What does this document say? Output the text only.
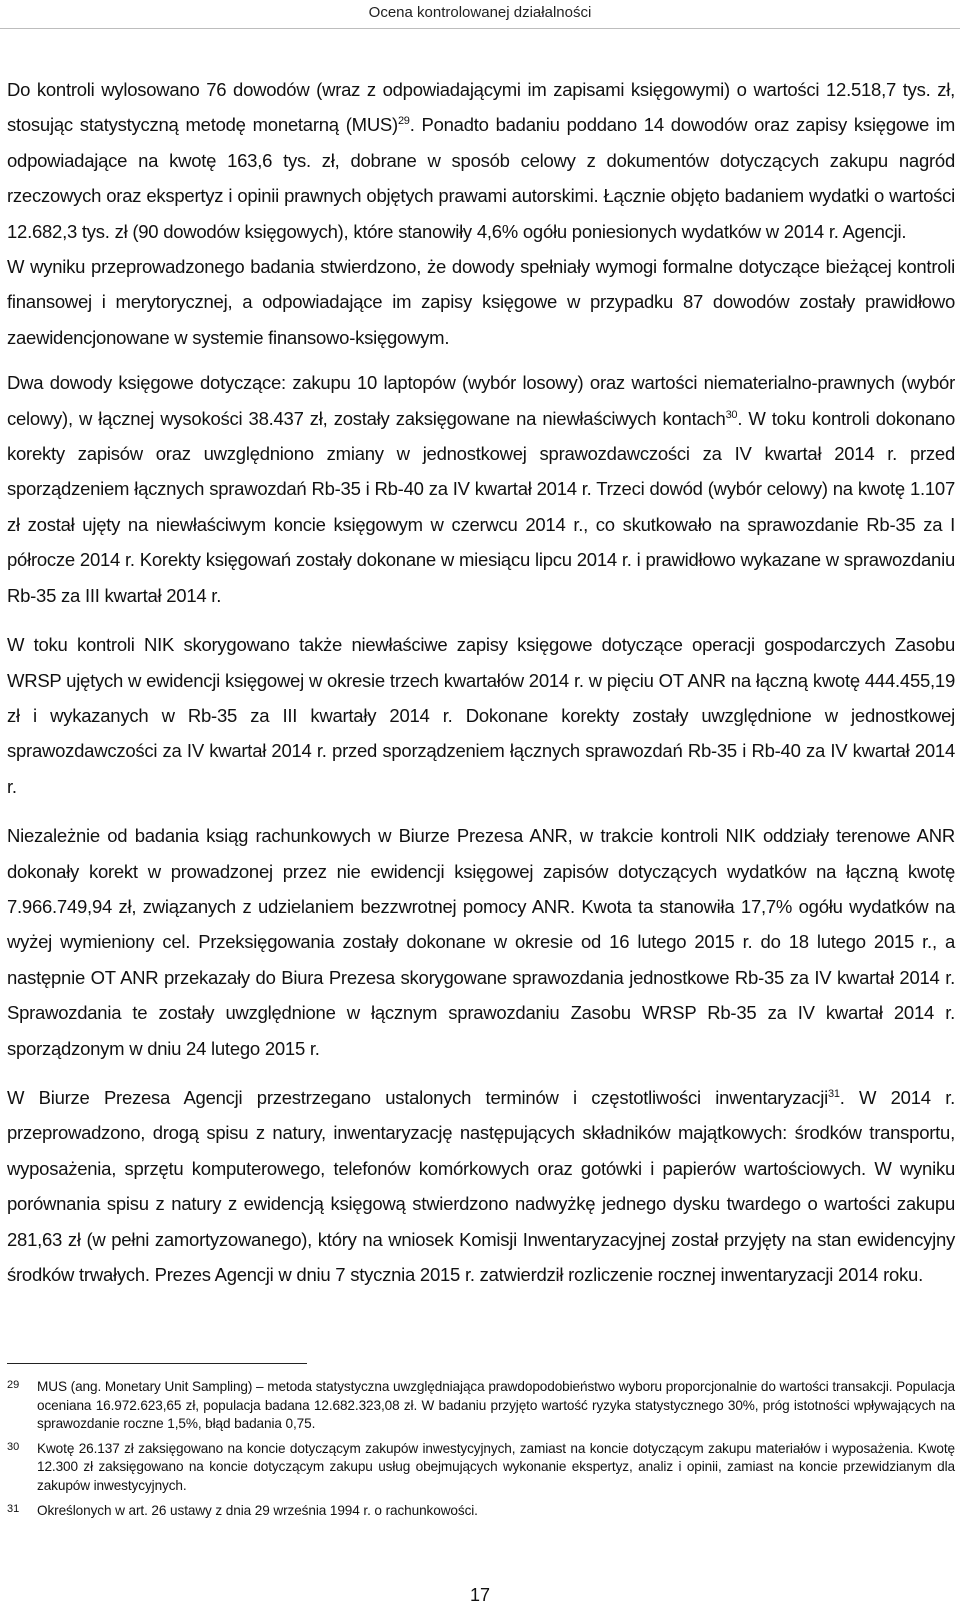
Ocena kontrolowanej działalności

Do kontroli wylosowano 76 dowodów (wraz z odpowiadającymi im zapisami księgowymi) o wartości 12.518,7 tys. zł, stosując statystyczną metodę monetarną (MUS)$^{29}$. Ponadto badaniu poddano 14 dowodów oraz zapisy księgowe im odpowiadające na kwotę 163,6 tys. zł, dobrane w sposób celowy z dokumentów dotyczących zakupu nagród rzeczowych oraz ekspertyz i opinii prawnych objętych prawami autorskimi. Łącznie objęto badaniem wydatki o wartości 12.682,3 tys. zł (90 dowodów księgowych), które stanowiły 4,6% ogółu poniesionych wydatków w 2014 r. Agencji.

W wyniku przeprowadzonego badania stwierdzono, że dowody spełniały wymogi formalne dotyczące bieżącej kontroli finansowej i merytorycznej, a odpowiadające im zapisy księgowe w przypadku 87 dowodów zostały prawidłowo zaewidencjonowane w systemie finansowo-księgowym.

Dwa dowody księgowe dotyczące: zakupu 10 laptopów (wybór losowy) oraz wartości niematerialno-prawnych (wybór celowy), w łącznej wysokości 38.437 zł, zostały zaksięgowane na niewłaściwych kontach$^{30}$. W toku kontroli dokonano korekty zapisów oraz uwzględniono zmiany w jednostkowej sprawozdawczości za IV kwartał 2014 r. przed sporządzeniem łącznych sprawozdań Rb-35 i Rb-40 za IV kwartał 2014 r. Trzeci dowód (wybór celowy) na kwotę 1.107 zł został ujęty na niewłaściwym koncie księgowym w czerwcu 2014 r., co skutkowało na sprawozdanie Rb-35 za I półrocze 2014 r. Korekty księgowań zostały dokonane w miesiącu lipcu 2014 r. i prawidłowo wykazane w sprawozdaniu Rb-35 za III kwartał 2014 r.

W toku kontroli NIK skorygowano także niewłaściwe zapisy księgowe dotyczące operacji gospodarczych Zasobu WRSP ujętych w ewidencji księgowej w okresie trzech kwartałów 2014 r. w pięciu OT ANR na łączną kwotę 444.455,19 zł i wykazanych w Rb-35 za III kwartały 2014 r. Dokonane korekty zostały uwzględnione w jednostkowej sprawozdawczości za IV kwartał 2014 r. przed sporządzeniem łącznych sprawozdań Rb-35 i Rb-40 za IV kwartał 2014 r.

Niezależnie od badania ksiąg rachunkowych w Biurze Prezesa ANR, w trakcie kontroli NIK oddziały terenowe ANR dokonały korekt w prowadzonej przez nie ewidencji księgowej zapisów dotyczących wydatków na łączną kwotę 7.966.749,94 zł, związanych z udzielaniem bezzwrotnej pomocy ANR. Kwota ta stanowiła 17,7% ogółu wydatków na wyżej wymieniony cel. Przeksięgowania zostały dokonane w okresie od 16 lutego 2015 r. do 18 lutego 2015 r., a następnie OT ANR przekazały do Biura Prezesa skorygowane sprawozdania jednostkowe Rb-35 za IV kwartał 2014 r. Sprawozdania te zostały uwzględnione w łącznym sprawozdaniu Zasobu WRSP Rb-35 za IV kwartał 2014 r. sporządzonym w dniu 24 lutego 2015 r.

W Biurze Prezesa Agencji przestrzegano ustalonych terminów i częstotliwości inwentaryzacji$^{31}$. W 2014 r. przeprowadzono, drogą spisu z natury, inwentaryzację następujących składników majątkowych: środków transportu, wyposażenia, sprzętu komputerowego, telefonów komórkowych oraz gotówki i papierów wartościowych. W wyniku porównania spisu z natury z ewidencją księgową stwierdzono nadwyżkę jednego dysku twardego o wartości zakupu 281,63 zł (w pełni zamortyzowanego), który na wniosek Komisji Inwentaryzacyjnej został przyjęty na stan ewidencyjny środków trwałych. Prezes Agencji w dniu 7 stycznia 2015 r. zatwierdził rozliczenie rocznej inwentaryzacji 2014 roku.

29	MUS (ang. Monetary Unit Sampling) – metoda statystyczna uwzględniająca prawdopodobieństwo wyboru proporcjonalnie do wartości transakcji. Populacja oceniana 16.972.623,65 zł, populacja badana 12.682.323,08 zł. W badaniu przyjęto wartość ryzyka statystycznego 30%, próg istotności wpływających na sprawozdanie roczne 1,5%, błąd badania 0,75.
30	Kwotę 26.137 zł zaksięgowano na koncie dotyczącym zakupów inwestycyjnych, zamiast na koncie dotyczącym zakupu materiałów i wyposażenia. Kwotę 12.300 zł zaksięgowano na koncie dotyczącym zakupu usług obejmujących wykonanie ekspertyz, analiz i opinii, zamiast na koncie przewidzianym dla zakupów inwestycyjnych.
31	Określonych w art. 26 ustawy z dnia 29 września 1994 r. o rachunkowości.
17
